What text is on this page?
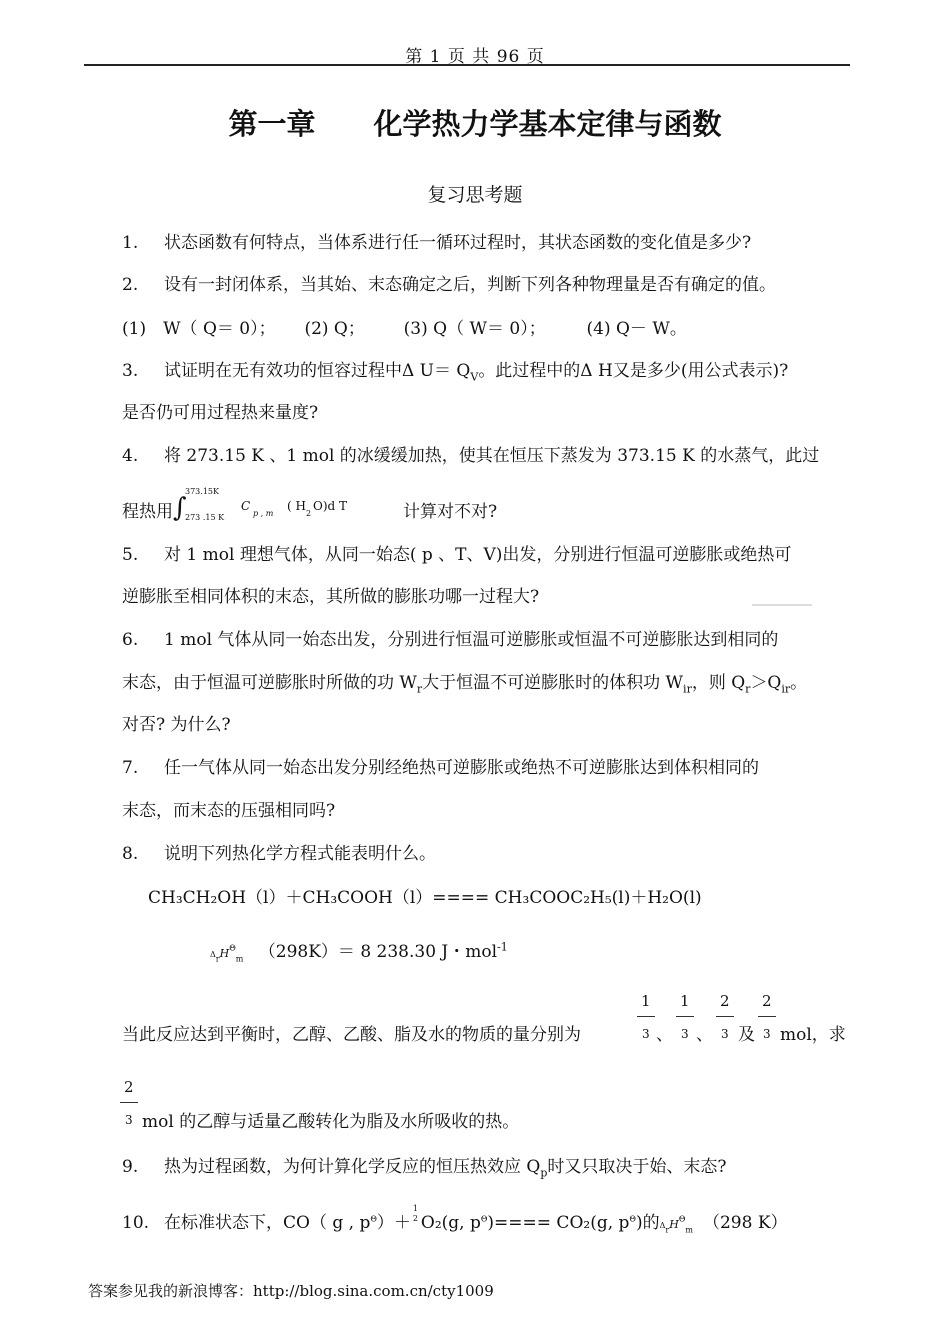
第 1 页 共 96 页
第一章 化学热力学基本定律与函数
复习思考题
1. 状态函数有何特点，当体系进行任一循环过程时，其状态函数的变化值是多少?
2. 设有一封闭体系，当其始、末态确定之后，判断下列各种物理量是否有确定的值。
(1)　W（ Q＝ 0）； (2) Q； (3) Q（ W＝ 0）； (4) Q－ W。
3. 试证明在无有效功的恒容过程中Δ $U= Q_V$。此过程中的Δ H又是多少(用公式表示)?
是否仍可用过程热来量度?
4. 将 273.15 K 、1 mol 的冰缓缓加热，使其在恒压下蒸发为 373.15 K 的水蒸气，此过
程热用 ∫
373.15K
273 .15 K
C
p , m
( H
2
O)d T	计算对不对?
5. 对 1 mol 理想气体，从同一始态( p 、T、V)出发，分别进行恒温可逆膨胀或绝热可
逆膨胀至相同体积的末态，其所做的膨胀功哪一过程大?
6. 1 mol 气体从同一始态出发，分别进行恒温可逆膨胀或恒温不可逆膨胀达到相同的
末态，由于恒温可逆膨胀时所做的功 $W_r$大于恒温不可逆膨胀时的体积功 $W_{ir}$，则 $Q_r>Q_{ir}$。
对否? 为什么?
7. 任一气体从同一始态出发分别经绝热可逆膨胀或绝热不可逆膨胀达到体积相同的
末态，而末态的压强相同吗?
8. 说明下列热化学方程式能表明什么。
CH₃CH₂OH（l）＋CH₃COOH（l）==== CH₃COOC₂H₅(l)＋H₂O(l)
$\Delta_rH^\Theta_m$ （298K）＝ 8 238.30 J・mol$^{-1}$
当此反应达到平衡时，乙醇、乙酸、脂及水的物质的量分别为
1
3 、
1
3 、
2
3 及
2
3 mol，求
2
3 mol 的乙醇与适量乙酸转化为脂及水所吸收的热。
9. 热为过程函数，为何计算化学反应的恒压热效应 $Q_p$时又只取决于始、末态?
10. 在标准状态下，CO（ g , $p^\Theta)+$
1
2 O₂(g, $p^\Theta)==== CO_2(g$, $p^\Theta$)的$\Delta_rH^\Theta_m$ （298 K）
答案参见我的新浪博客：http://blog.sina.com.cn/cty1009
